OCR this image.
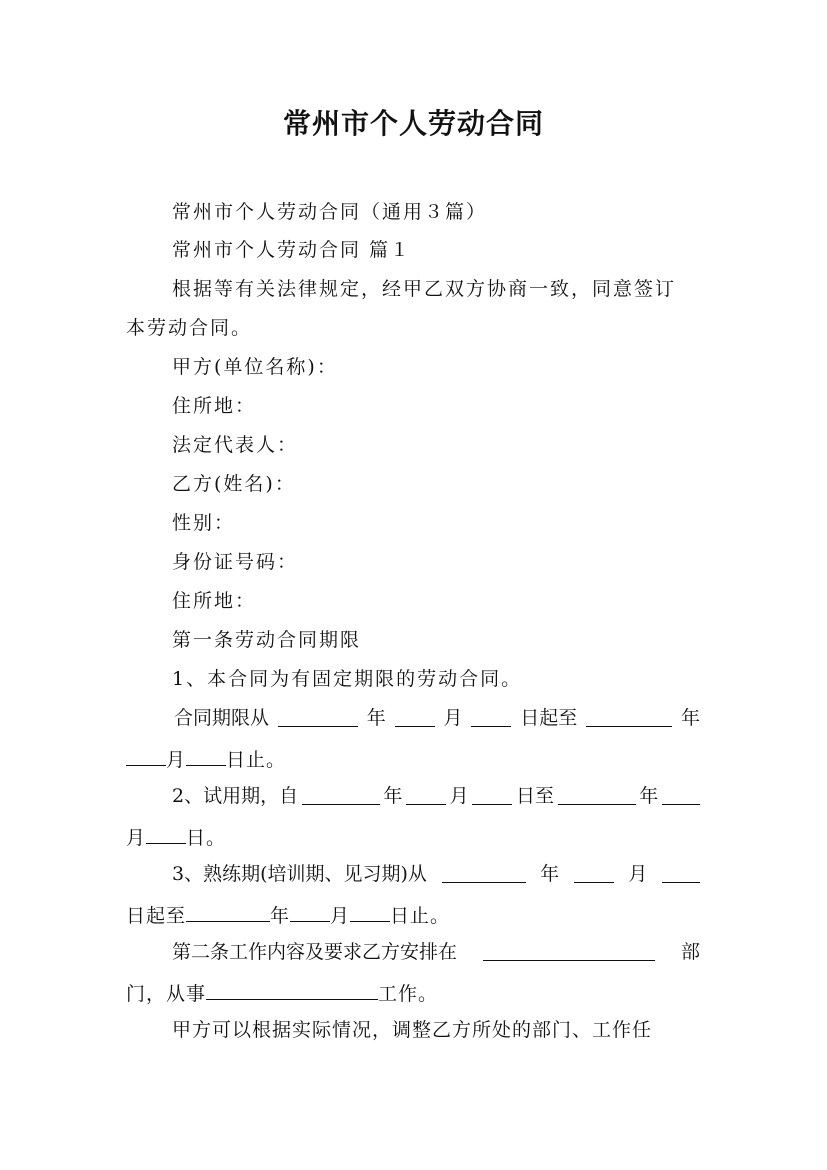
常州市个人劳动合同
常州市个人劳动合同（通用３篇）
常州市个人劳动合同 篇１
根据等有关法律规定，经甲乙双方协商一致，同意签订
本劳动合同。
甲方(单位名称)：
住所地：
法定代表人：
乙方(姓名)：
性别：
身份证号码：
住所地：
第一条劳动合同期限
1、本合同为有固定期限的劳动合同。
合同期限从	年	月	日起至	年
月 日止。
2、试用期，自	年 月 日至	年
月 日。
3、熟练期(培训期、见习期)从	年	月
日起至	年 月 日止。
第二条工作内容及要求乙方安排在	部
门，从事	工作。
甲方可以根据实际情况，调整乙方所处的部门、工作任
